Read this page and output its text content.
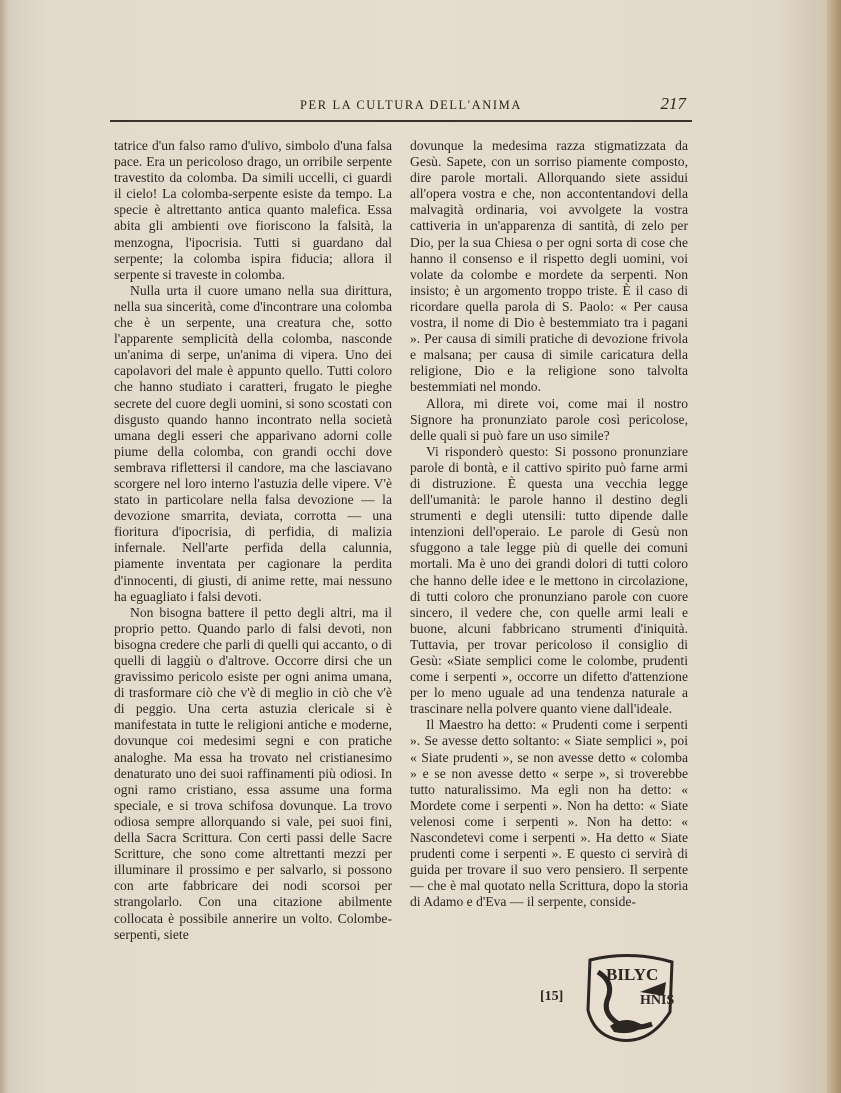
PER LA CULTURA DELL'ANIMA	217

tatrice d'un falso ramo d'ulivo, simbolo d'una falsa pace. Era un pericoloso drago, un orribile serpente travestito da colomba. Da simili uccelli, ci guardi il cielo! La colomba-serpente esiste da tempo. La specie è altrettanto antica quanto malefica. Essa abita gli ambienti ove fioriscono la falsità, la menzogna, l'ipocrisia. Tutti si guardano dal serpente; la colomba ispira fiducia; allora il serpente si traveste in colomba.

Nulla urta il cuore umano nella sua dirittura, nella sua sincerità, come d'incontrare una colomba che è un serpente, una creatura che, sotto l'apparente semplicità della colomba, nasconde un'anima di serpe, un'anima di vipera. Uno dei capolavori del male è appunto quello. Tutti coloro che hanno studiato i caratteri, frugato le pieghe secrete del cuore degli uomini, si sono scostati con disgusto quando hanno incontrato nella società umana degli esseri che apparivano adorni colle piume della colomba, con grandi occhi dove sembrava riflettersi il candore, ma che lasciavano scorgere nel loro interno l'astuzia delle vipere. V'è stato in particolare nella falsa devozione — la devozione smarrita, deviata, corrotta — una fioritura d'ipocrisia, di perfidia, di malizia infernale. Nell'arte perfida della calunnia, piamente inventata per cagionare la perdita d'innocenti, di giusti, di anime rette, mai nessuno ha eguagliato i falsi devoti.

Non bisogna battere il petto degli altri, ma il proprio petto. Quando parlo di falsi devoti, non bisogna credere che parli di quelli qui accanto, o di quelli di laggiù o d'altrove. Occorre dirsi che un gravissimo pericolo esiste per ogni anima umana, di trasformare ciò che v'è di meglio in ciò che v'è di peggio. Una certa astuzia clericale si è manifestata in tutte le religioni antiche e moderne, dovunque coi medesimi segni e con pratiche analoghe. Ma essa ha trovato nel cristianesimo denaturato uno dei suoi raffinamenti più odiosi. In ogni ramo cristiano, essa assume una forma speciale, e si trova schifosa dovunque. La trovo odiosa sempre allorquando si vale, pei suoi fini, della Sacra Scrittura. Con certi passi delle Sacre Scritture, che sono come altrettanti mezzi per illuminare il prossimo e per salvarlo, si possono con arte fabbricare dei nodi scorsoi per strangolarlo. Con una citazione abilmente collocata è possibile annerire un volto. Colombe-serpenti, siete

dovunque la medesima razza stigmatizzata da Gesù. Sapete, con un sorriso piamente composto, dire parole mortali. Allorquando siete assidui all'opera vostra e che, non accontentandovi della malvagità ordinaria, voi avvolgete la vostra cattiveria in un'apparenza di santità, di zelo per Dio, per la sua Chiesa o per ogni sorta di cose che hanno il consenso e il rispetto degli uomini, voi volate da colombe e mordete da serpenti. Non insisto; è un argomento troppo triste. È il caso di ricordare quella parola di S. Paolo: « Per causa vostra, il nome di Dio è bestemmiato tra i pagani ». Per causa di simili pratiche di devozione frivola e malsana; per causa di simile caricatura della religione, Dio e la religione sono talvolta bestemmiati nel mondo.

Allora, mi direte voi, come mai il nostro Signore ha pronunziato parole così pericolose, delle quali si può fare un uso simile?

Vi risponderò questo: Si possono pronunziare parole di bontà, e il cattivo spirito può farne armi di distruzione. È questa una vecchia legge dell'umanità: le parole hanno il destino degli strumenti e degli utensili: tutto dipende dalle intenzioni dell'operaio. Le parole di Gesù non sfuggono a tale legge più di quelle dei comuni mortali. Ma è uno dei grandi dolori di tutti coloro che hanno delle idee e le mettono in circolazione, di tutti coloro che pronunziano parole con cuore sincero, il vedere che, con quelle armi leali e buone, alcuni fabbricano strumenti d'iniquità. Tuttavia, per trovar pericoloso il consiglio di Gesù: «Siate semplici come le colombe, prudenti come i serpenti », occorre un difetto d'attenzione per lo meno uguale ad una tendenza naturale a trascinare nella polvere quanto viene dall'ideale.

Il Maestro ha detto: « Prudenti come i serpenti ». Se avesse detto soltanto: « Siate semplici », poi « Siate prudenti », se non avesse detto « colomba » e se non avesse detto « serpe », si troverebbe tutto naturalissimo. Ma egli non ha detto: « Mordete come i serpenti ». Non ha detto: « Siate velenosi come i serpenti ». Non ha detto: « Nascondetevi come i serpenti ». Ha detto « Siate prudenti come i serpenti ». E questo ci servirà di guida per trovare il suo vero pensiero. Il serpente — che è mal quotato nella Scrittura, dopo la storia di Adamo e d'Eva — il serpente, conside-

[15]
BILYC
HNIS
